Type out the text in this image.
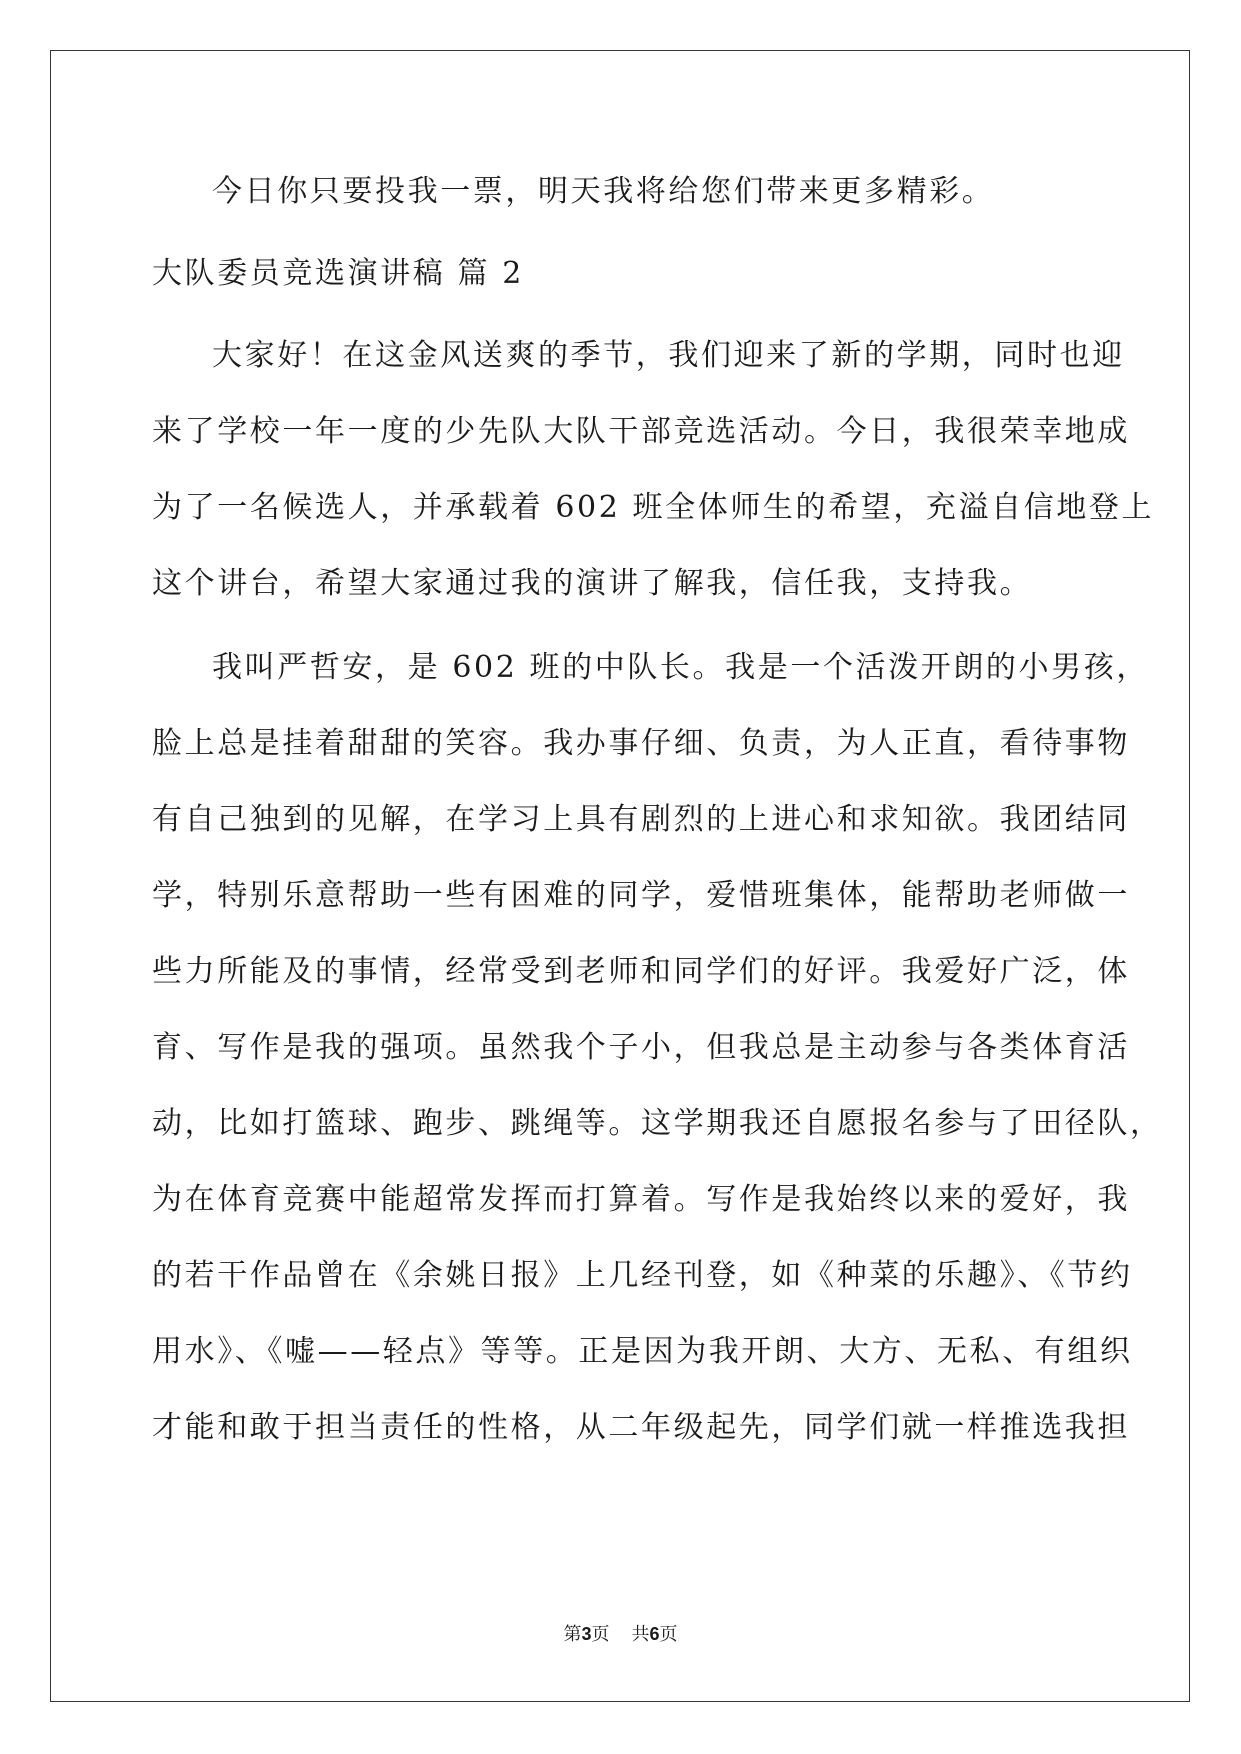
今日你只要投我一票，明天我将给您们带来更多精彩。
大队委员竞选演讲稿 篇 2
大家好！在这金风送爽的季节，我们迎来了新的学期，同时也迎
来了学校一年一度的少先队大队干部竞选活动。今日，我很荣幸地成
为了一名候选人，并承载着 602 班全体师生的希望，充溢自信地登上
这个讲台，希望大家通过我的演讲了解我，信任我，支持我。
我叫严哲安，是 602 班的中队长。我是一个活泼开朗的小男孩，
脸上总是挂着甜甜的笑容。我办事仔细、负责，为人正直，看待事物
有自己独到的见解，在学习上具有剧烈的上进心和求知欲。我团结同
学，特别乐意帮助一些有困难的同学，爱惜班集体，能帮助老师做一
些力所能及的事情，经常受到老师和同学们的好评。我爱好广泛，体
育、写作是我的强项。虽然我个子小，但我总是主动参与各类体育活
动，比如打篮球、跑步、跳绳等。这学期我还自愿报名参与了田径队，
为在体育竞赛中能超常发挥而打算着。写作是我始终以来的爱好，我
的若干作品曾在《余姚日报》上几经刊登，如《种菜的乐趣》、《节约
用水》、《嘘——轻点》等等。正是因为我开朗、大方、无私、有组织
才能和敢于担当责任的性格，从二年级起先，同学们就一样推选我担
第3页 共6页
